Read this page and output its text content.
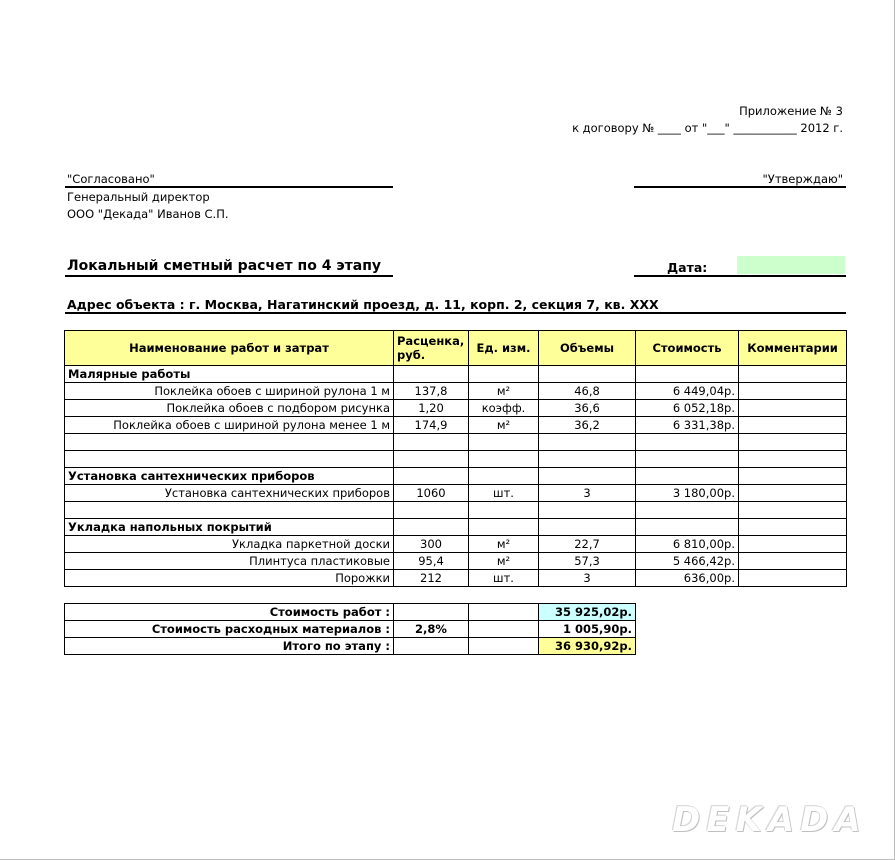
Приложение № 3
к договору № ____ от "___" ___________ 2012 г.
"Согласовано"	"Утверждаю"
Генеральный директор
ООО "Декада" Иванов С.П.
Локальный сметный расчет по 4 этапу	Дата:
Адрес объекта : г. Москва, Нагатинский проезд, д. 11, корп. 2, секция 7, кв. XXX
Наименование работ и затрат	Расценка, руб.	Ед. изм.	Объемы	Стоимость	Комментарии
Малярные работы					
Поклейка обоев с шириной рулона 1 м	137,8	м²	46,8	6 449,04р.	
Поклейка обоев с подбором рисунка	1,20	коэфф.	36,6	6 052,18р.	
Поклейка обоев с шириной рулона менее 1 м	174,9	м²	36,2	6 331,38р.	

Установка сантехнических приборов					
Установка сантехнических приборов	1060	шт.	3	3 180,00р.	

Укладка напольных покрытий					
Укладка паркетной доски	300	м²	22,7	6 810,00р.	
Плинтуса пластиковые	95,4	м²	57,3	5 466,42р.	
Порожки	212	шт.	3	636,00р.	
Стоимость работ :			35 925,02р.
Стоимость расходных материалов :	2,8%		1 005,90р.
Итого по этапу :			36 930,92р.
DEKADA
